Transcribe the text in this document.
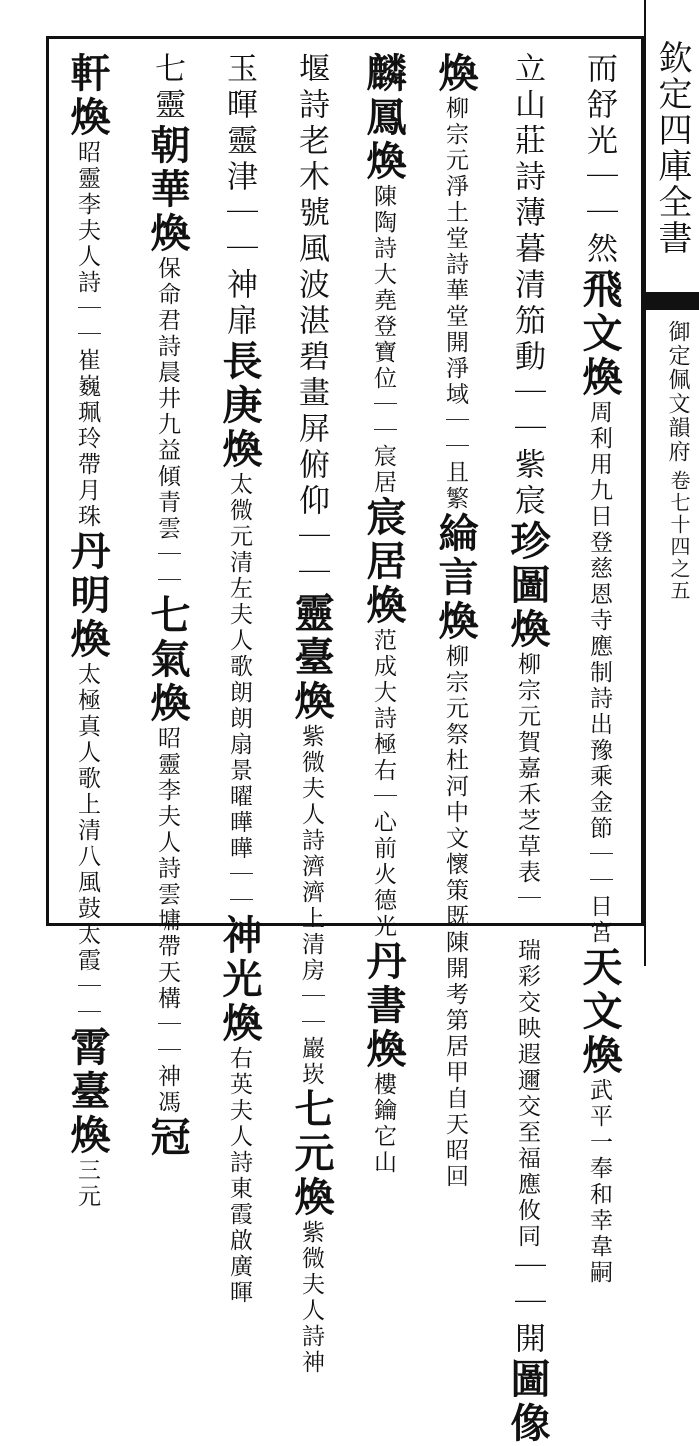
欽定四庫全書
御定佩文韻府
卷七十四之五
而舒光｜｜然飛文煥周利用九日登慈恩寺應制詩出豫乘金節｜｜日宮天文煥武平一奉和幸韋嗣
立山莊詩薄暮清笳動｜｜紫宸珍圖煥柳宗元賀嘉禾芝草表｜｜瑞彩交映遐邇交至福應攸同｜｜開圖像
煥柳宗元淨土堂詩華堂開淨域｜｜且繁綸言煥柳宗元祭杜河中文懷策既陳開考第居甲自天昭回
麟鳳煥陳陶詩大堯登寶位｜｜宸居宸居煥范成大詩極右｜心前火德光丹書煥樓鑰它山
堰詩老木號風波湛碧畫屏俯仰｜｜靈臺煥紫微夫人詩濟濟上清房｜｜巖崁七元煥紫微夫人詩神
玉暉靈津｜｜神扉長庚煥太微元清左夫人歌朗朗扇景曜曄曄｜｜神光煥右英夫人詩東霞啟廣暉
七靈朝華煥保命君詩晨井九益傾青雲｜｜七氣煥昭靈李夫人詩雲墉帶天構｜｜神馮冠
軒煥昭靈李夫人詩｜｜崔巍珮玲帶月珠丹明煥太極真人歌上清八風鼓太霞｜｜霄臺煥三元
